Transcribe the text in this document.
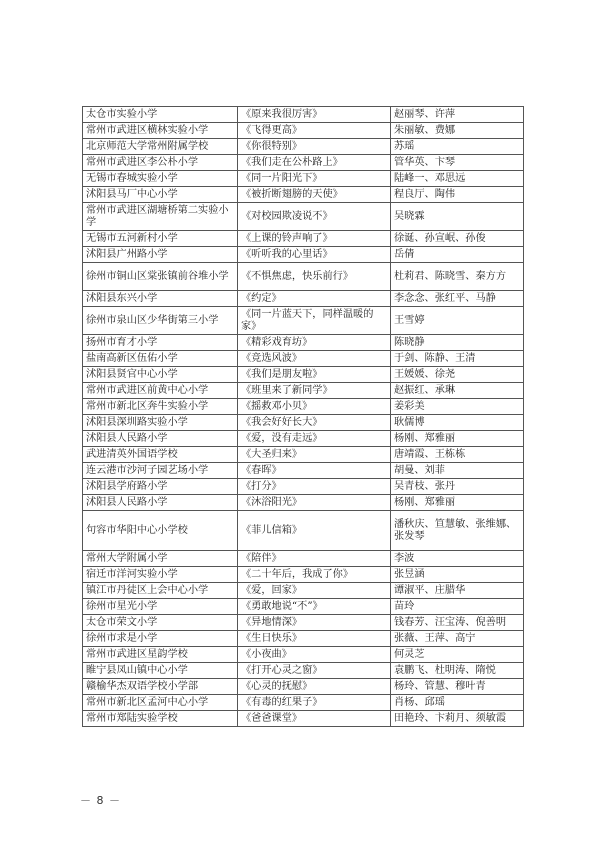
太仓市实验小学	《原来我很厉害》	赵丽琴、许萍
常州市武进区横林实验小学	《飞得更高》	朱丽敏、费娜
北京师范大学常州附属学校	《你很特别》	苏瑶
常州市武进区李公朴小学	《我们走在公朴路上》	管华英、卞琴
无锡市春城实验小学	《同一片阳光下》	陆峰一、邓思远
沭阳县马厂中心小学	《被折断翅膀的天使》	程良厅、陶伟
常州市武进区湖塘桥第二实验小学	《对校园欺凌说不》	吴晓霖
无锡市五河新村小学	《上课的铃声响了》	徐诞、孙宣岷、孙俊
沭阳县广州路小学	《听听我的心里话》	岳倩
徐州市铜山区棠张镇前谷堆小学	《不惧焦虑，快乐前行》	杜莉君、陈晓雪、秦方方
沭阳县东兴小学	《约定》	李念念、张红平、马静
徐州市泉山区少华街第三小学	《同一片蓝天下，同样温暖的家》	王雪婷
扬州市育才小学	《精彩戏育坊》	陈晓静
盐南高新区伍佑小学	《竞选风波》	于剑、陈静、王清
沭阳县贤官中心小学	《我们是朋友啦》	王媛媛、徐尧
常州市武进区前黄中心小学	《班里来了新同学》	赵振红、承琳
常州市新北区奔牛实验小学	《摇救邓小贝》	姜彩美
沭阳县深圳路实验小学	《我会好好长大》	耿儒博
沭阳县人民路小学	《爱，没有走远》	杨刚、郑雅丽
武进清英外国语学校	《大圣归来》	唐靖霞、王栋栋
连云港市沙河子园艺场小学	《春晖》	胡曼、刘菲
沭阳县学府路小学	《打分》	吴青枝、张丹
沭阳县人民路小学	《沐浴阳光》	杨刚、郑雅丽
句容市华阳中心小学校	《菲儿信箱》	潘秋庆、笪慧敏、张维娜、张发琴
常州大学附属小学	《陪伴》	李波
宿迁市洋河实验小学	《二十年后，我成了你》	张昱涵
镇江市丹徒区上会中心小学	《爱，回家》	谭淑平、庄腊华
徐州市星光小学	《勇敢地说“不”》	苗玲
太仓市荣文小学	《异地情深》	钱春芳、汪宝涛、倪善明
徐州市求是小学	《生日快乐》	张薇、王萍、高宁
常州市武进区星韵学校	《小夜曲》	何灵芝
睢宁县凤山镇中心小学	《打开心灵之窗》	袁鹏飞、杜明涛、隋悦
赣榆华杰双语学校小学部	《心灵的抚慰》	杨玲、管慧、穆叶青
常州市新北区孟河中心小学	《有毒的红果子》	肖杨、邱瑶
常州市郑陆实验学校	《爸爸课堂》	田艳玲、卞莉月、须敏霞
－ 8 －
